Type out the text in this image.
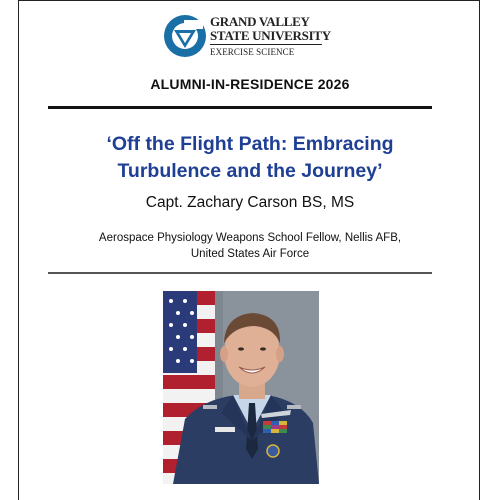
GRAND VALLEY
STATE UNIVERSITY
EXERCISE SCIENCE
ALUMNI-IN-RESIDENCE 2026
‘Off the Flight Path: Embracing
Turbulence and the Journey’
Capt. Zachary Carson BS, MS
Aerospace Physiology Weapons School Fellow, Nellis AFB,
United States Air Force
